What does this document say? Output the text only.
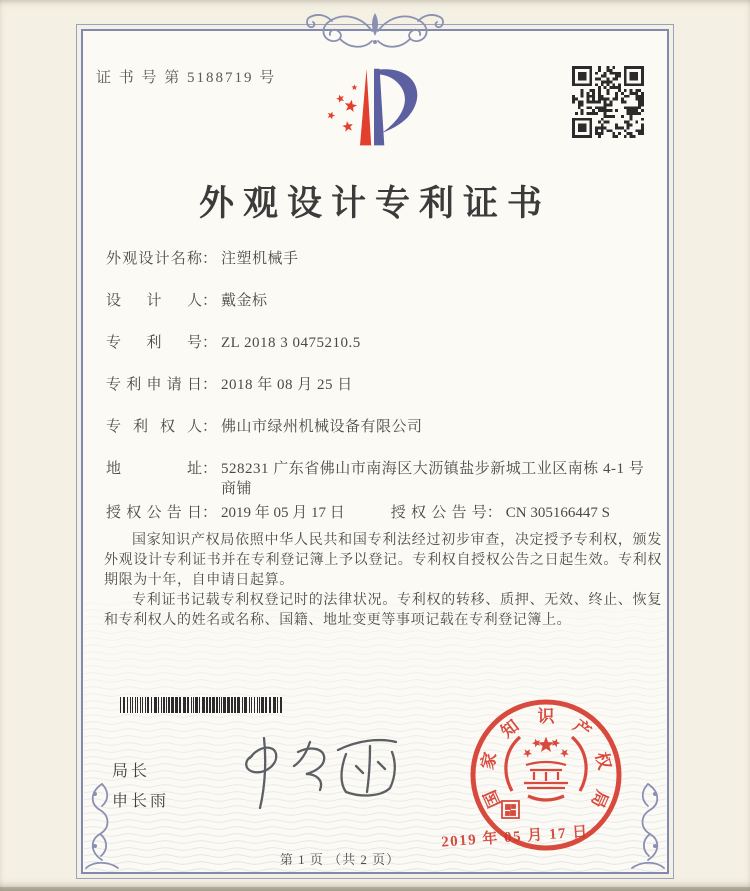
证 书 号 第 5188719 号
外观设计专利证书
外观设计名称 ： 注塑机械手
设计人 ： 戴金标
专利号 ： ZL 2018 3 0475210.5
专利申请日 ： 2018 年 08 月 25 日
专利权人 ： 佛山市绿州机械设备有限公司
地址 ： 528231 广东省佛山市南海区大沥镇盐步新城工业区南栋 4-1 号商铺
授权公告日 ： 2019 年 05 月 17 日	授权公告号 ： CN 305166447 S

国家知识产权局依照中华人民共和国专利法经过初步审查，决定授予专利权，颁发外观设计专利证书并在专利登记簿上予以登记。专利权自授权公告之日起生效。专利权期限为十年，自申请日起算。

专利证书记载专利权登记时的法律状况。专利权的转移、质押、无效、终止、恢复和专利权人的姓名或名称、国籍、地址变更等事项记载在专利登记簿上。

局长
申长雨	国
家
知 识 产
权
局
2019 年 05 月 17 日
第 1 页 （共 2 页）
